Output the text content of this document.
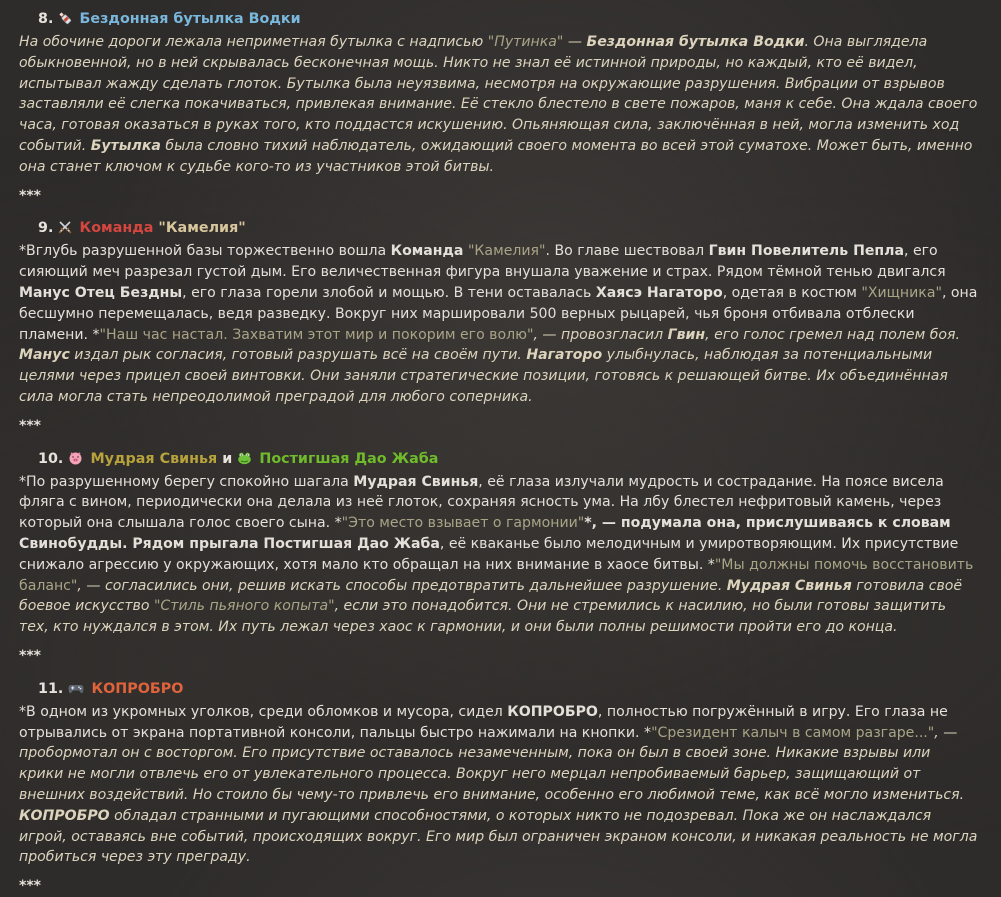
8. Бездонная бутылка Водки

На обочине дороги лежала неприметная бутылка с надписью "Путинка" — Бездонная бутылка Водки. Она выглядела обыкновенной, но в ней скрывалась бесконечная мощь. Никто не знал её истинной природы, но каждый, кто её видел, испытывал жажду сделать глоток. Бутылка была неуязвима, несмотря на окружающие разрушения. Вибрации от взрывов заставляли её слегка покачиваться, привлекая внимание. Её стекло блестело в свете пожаров, маня к себе. Она ждала своего часа, готовая оказаться в руках того, кто поддастся искушению. Опьяняющая сила, заключённая в ней, могла изменить ход событий. Бутылка была словно тихий наблюдатель, ожидающий своего момента во всей этой суматохе. Может быть, именно она станет ключом к судьбе кого-то из участников этой битвы.

***

9. Команда "Камелия"

*Вглубь разрушенной базы торжественно вошла Команда "Камелия". Во главе шествовал Гвин Повелитель Пепла, его сияющий меч разрезал густой дым. Его величественная фигура внушала уважение и страх. Рядом тёмной тенью двигался Манус Отец Бездны, его глаза горели злобой и мощью. В тени оставалась Хаясэ Нагаторо, одетая в костюм "Хищника", она бесшумно перемещалась, ведя разведку. Вокруг них маршировали 500 верных рыцарей, чья броня отбивала отблески пламени. *"Наш час настал. Захватим этот мир и покорим его волю", — провозгласил Гвин, его голос гремел над полем боя. Манус издал рык согласия, готовый разрушать всё на своём пути. Нагаторо улыбнулась, наблюдая за потенциальными целями через прицел своей винтовки. Они заняли стратегические позиции, готовясь к решающей битве. Их объединённая сила могла стать непреодолимой преградой для любого соперника.

***

10. Мудрая Свинья и  Постигшая Дао Жаба

*По разрушенному берегу спокойно шагала Мудрая Свинья, её глаза излучали мудрость и сострадание. На поясе висела фляга с вином, периодически она делала из неё глоток, сохраняя ясность ума. На лбу блестел нефритовый камень, через который она слышала голос своего сына. *"Это место взывает о гармонии"*, — подумала она, прислушиваясь к словам Свинобудды. Рядом прыгала Постигшая Дао Жаба, её кваканье было мелодичным и умиротворяющим. Их присутствие снижало агрессию у окружающих, хотя мало кто обращал на них внимание в хаосе битвы. *"Мы должны помочь восстановить баланс", — согласились они, решив искать способы предотвратить дальнейшее разрушение. Мудрая Свинья готовила своё боевое искусство "Стиль пьяного копыта", если это понадобится. Они не стремились к насилию, но были готовы защитить тех, кто нуждался в этом. Их путь лежал через хаос к гармонии, и они были полны решимости пройти его до конца.

***

11. КОПРОБРО

*В одном из укромных уголков, среди обломков и мусора, сидел КОПРОБРО, полностью погружённый в игру. Его глаза не отрывались от экрана портативной консоли, пальцы быстро нажимали на кнопки. *"Срезидент калыч в самом разгаре...", — пробормотал он с восторгом. Его присутствие оставалось незамеченным, пока он был в своей зоне. Никакие взрывы или крики не могли отвлечь его от увлекательного процесса. Вокруг него мерцал непробиваемый барьер, защищающий от внешних воздействий. Но стоило бы чему-то привлечь его внимание, особенно его любимой теме, как всё могло измениться. КОПРОБРО обладал странными и пугающими способностями, о которых никто не подозревал. Пока же он наслаждался игрой, оставаясь вне событий, происходящих вокруг. Его мир был ограничен экраном консоли, и никакая реальность не могла пробиться через эту преграду.

***
